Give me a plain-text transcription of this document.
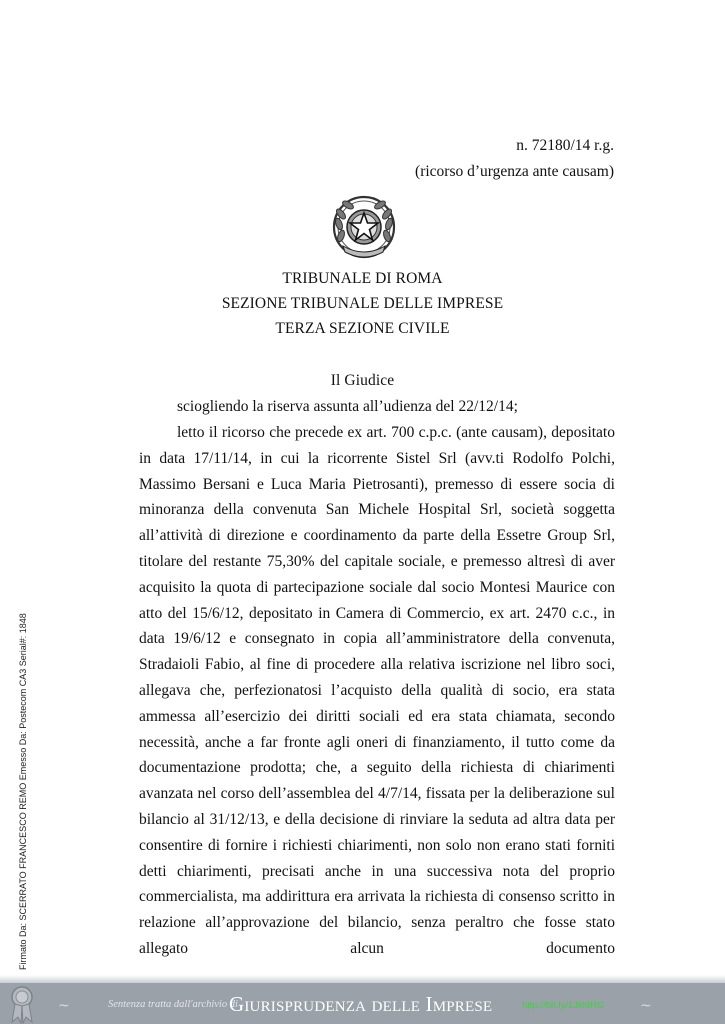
n. 72180/14 r.g.
(ricorso d’urgenza ante causam)
TRIBUNALE DI ROMA
SEZIONE TRIBUNALE DELLE IMPRESE
TERZA SEZIONE CIVILE
Il Giudice
sciogliendo la riserva assunta all’udienza del 22/12/14;
letto il ricorso che precede ex art. 700 c.p.c. (ante causam), depositato in data 17/11/14, in cui la ricorrente Sistel Srl (avv.ti Rodolfo Polchi, Massimo Bersani e Luca Maria Pietrosanti), premesso di essere socia di minoranza della convenuta San Michele Hospital Srl, società soggetta all’attività di direzione e coordinamento da parte della Essetre Group Srl, titolare del restante 75,30% del capitale sociale, e premesso altresì di aver acquisito la quota di partecipazione sociale dal socio Montesi Maurice con atto del 15/6/12, depositato in Camera di Commercio, ex art. 2470 c.c., in data 19/6/12 e consegnato in copia all’amministratore della convenuta, Stradaioli Fabio, al fine di procedere alla relativa iscrizione nel libro soci, allegava che, perfezionatosi l’acquisto della qualità di socio, era stata ammessa all’esercizio dei diritti sociali ed era stata chiamata, secondo necessità, anche a far fronte agli oneri di finanziamento, il tutto come da documentazione prodotta; che, a seguito della richiesta di chiarimenti avanzata nel corso dell’assemblea del 4/7/14, fissata per la deliberazione sul bilancio al 31/12/13, e della decisione di rinviare la seduta ad altra data per consentire di fornire i richiesti chiarimenti, non solo non erano stati forniti detti chiarimenti, precisati anche in una successiva nota del proprio commercialista, ma addirittura era arrivata la richiesta di consenso scritto in relazione all’approvazione del bilancio, senza peraltro che fosse stato allegato alcun documento
Firmato Da: SCERRATO FRANCESCO REMO Emesso Da: Postecom CA3 Serial#: 1848
~	Sentenza tratta dall'archivio di
Giurisprudenza delle Imprese	http://bit.ly/1Jkl9RG	~
